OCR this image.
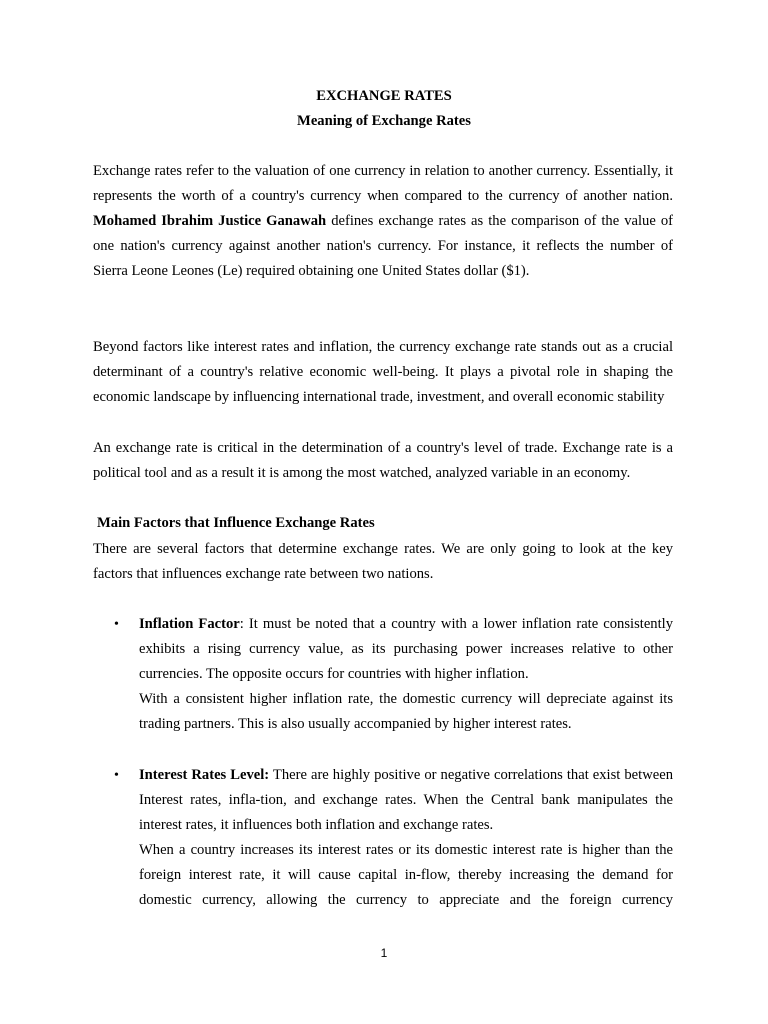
EXCHANGE RATES
Meaning of Exchange Rates

Exchange rates refer to the valuation of one currency in relation to another currency. Essentially, it represents the worth of a country's currency when compared to the currency of another nation. Mohamed Ibrahim Justice Ganawah defines exchange rates as the comparison of the value of one nation's currency against another nation's currency. For instance, it reflects the number of Sierra Leone Leones (Le) required obtaining one United States dollar ($1).

Beyond factors like interest rates and inflation, the currency exchange rate stands out as a crucial determinant of a country's relative economic well-being. It plays a pivotal role in shaping the economic landscape by influencing international trade, investment, and overall economic stability

An exchange rate is critical in the determination of a country's level of trade. Exchange rate is a political tool and as a result it is among the most watched, analyzed variable in an economy.

Main Factors that Influence Exchange Rates

There are several factors that determine exchange rates. We are only going to look at the key factors that influences exchange rate between two nations.

• Inflation Factor: It must be noted that a country with a lower inflation rate consistently exhibits a rising currency value, as its purchasing power increases relative to other currencies. The opposite occurs for countries with higher inflation.

With a consistent higher inflation rate, the domestic currency will depreciate against its trading partners. This is also usually accompanied by higher interest rates.

• Interest Rates Level: There are highly positive or negative correlations that exist between Interest rates, infla-tion, and exchange rates. When the Central bank manipulates the interest rates, it influences both inflation and exchange rates.

When a country increases its interest rates or its domestic interest rate is higher than the foreign interest rate, it will cause capital in-flow, thereby increasing the demand for domestic currency, allowing the currency to appreciate and the foreign currency

1
